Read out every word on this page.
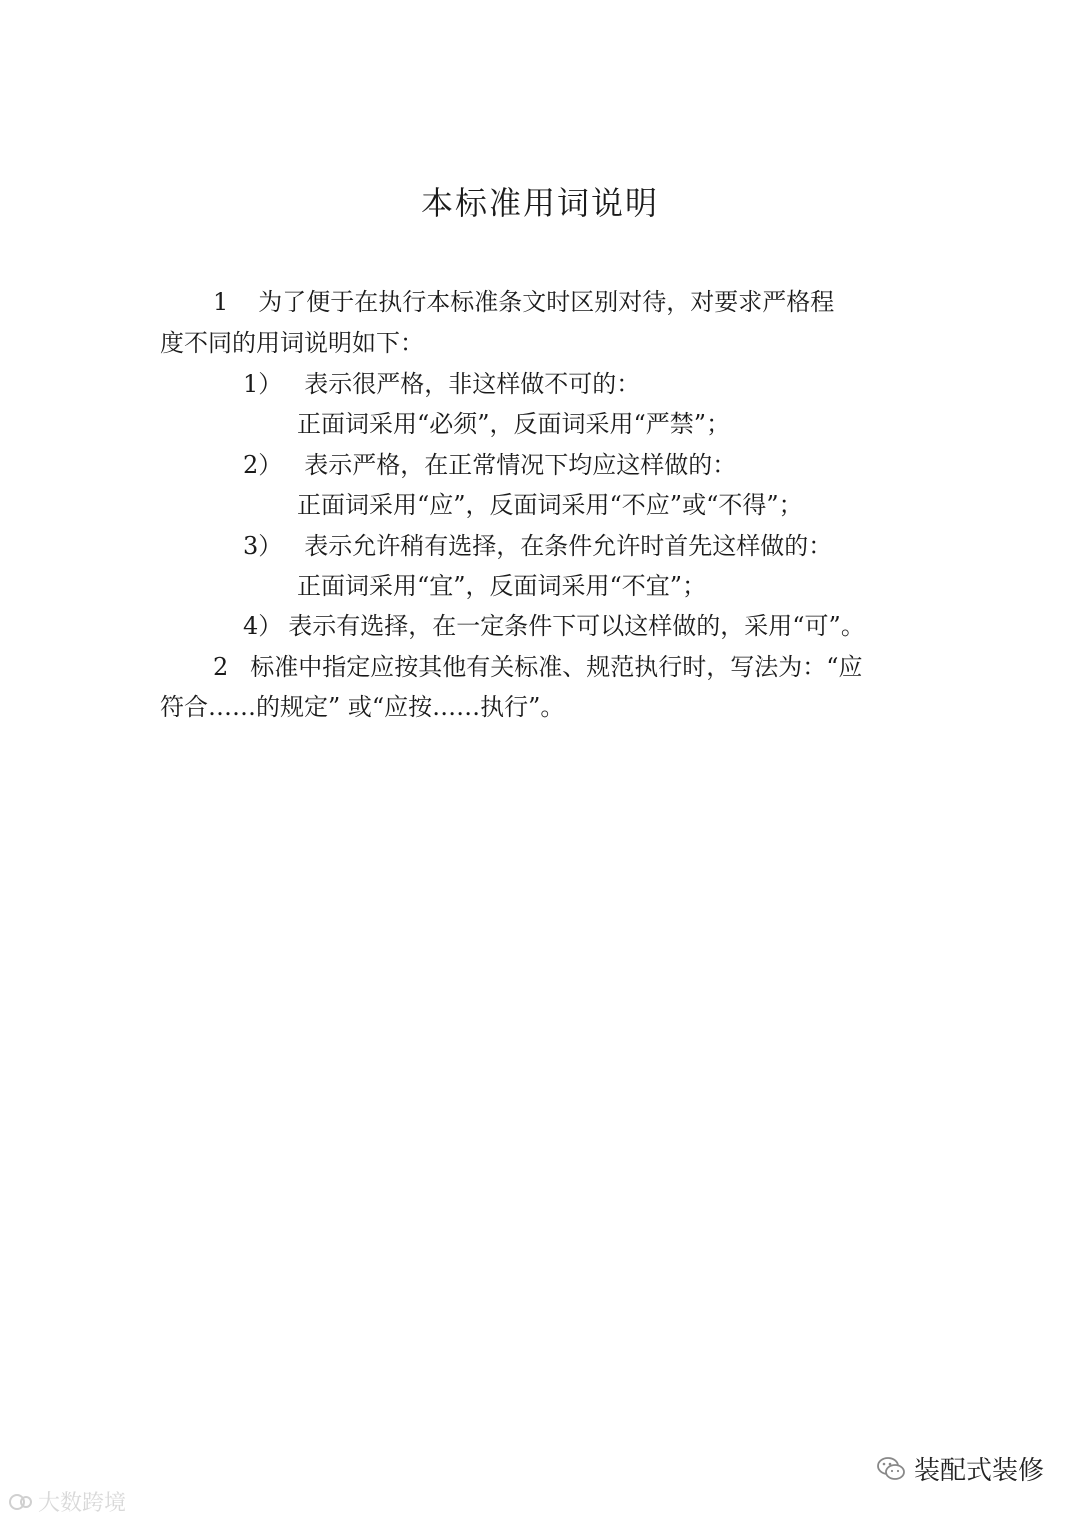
本标准用词说明
1 为了便于在执行本标准条文时区别对待，对要求严格程
度不同的用词说明如下：
1） 表示很严格，非这样做不可的：
正面词采用“必须”，反面词采用“严禁”；
2） 表示严格，在正常情况下均应这样做的：
正面词采用“应”，反面词采用“不应”或“不得”；
3） 表示允许稍有选择，在条件允许时首先这样做的：
正面词采用“宜”，反面词采用“不宜”；
4） 表示有选择，在一定条件下可以这样做的，采用“可”。
2 标准中指定应按其他有关标准、规范执行时，写法为：“应
符合……的规定” 或“应按……执行”。
大数跨境
装配式装修
